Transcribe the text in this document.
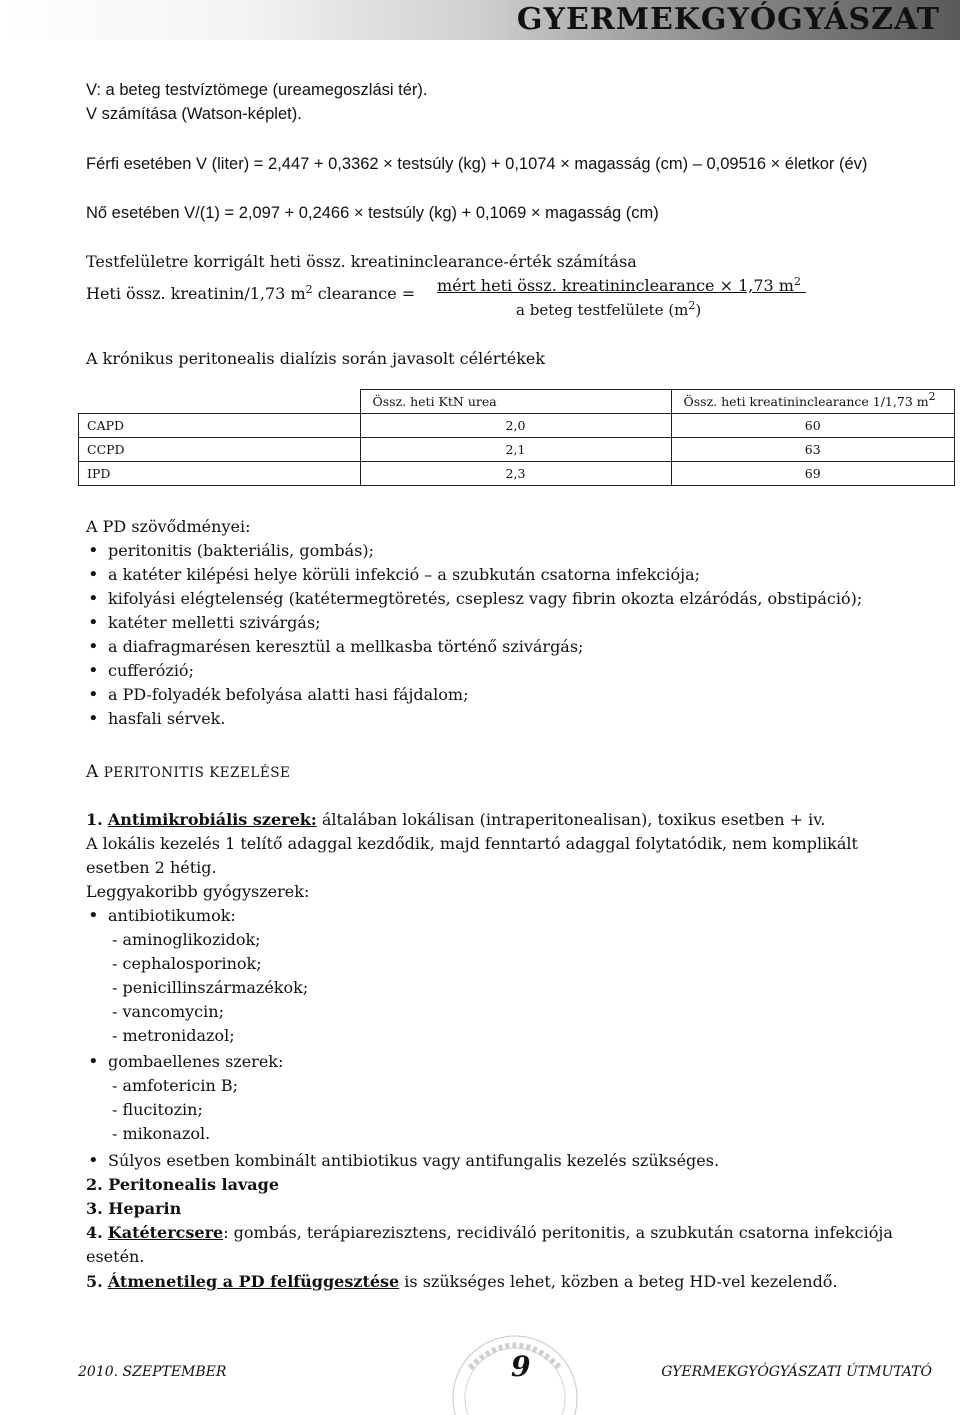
GYERMEKGYÓGYÁSZAT
V: a beteg testvíztömege (ureamegoszlási tér).
V számítása (Watson-képlet).
Férfi esetében V (liter) = 2,447 + 0,3362 × testsúly (kg) + 0,1074 × magasság (cm) – 0,09516 × életkor (év)
Nő esetében V/(1) = 2,097 + 0,2466 × testsúly (kg) + 0,1069 × magasság (cm)
Testfelületre korrigált heti össz. kreatininclearance-érték számítása
Heti össz. kreatinin/1,73 $m^2$ clearance = mért heti össz. kreatininclearance × 1,73 $m^2$
a beteg testfelülete $(m^2)$
A krónikus peritonealis dialízis során javasolt célértékek
	Össz. heti KtN urea	Össz. heti kreatininclearance 1/1,73 $m^2$
CAPD	2,0	60
CCPD	2,1	63
IPD	2,3	69
A PD szövődményei:
• peritonitis (bakteriális, gombás);
• a katéter kilépési helye körüli infekció – a szubkután csatorna infekciója;
• kifolyási elégtelenség (katétermegtöretés, cseplesz vagy fibrin okozta elzáródás, obstipáció);
• katéter melletti szivárgás;
• a diafragmarésen keresztül a mellkasba történő szivárgás;
• cufferózió;
• a PD-folyadék befolyása alatti hasi fájdalom;
• hasfali sérvek.
A PERITONITIS KEZELÉSE
1. Antimikrobiális szerek: általában lokálisan (intraperitonealisan), toxikus esetben + iv.
A lokális kezelés 1 telítő adaggal kezdődik, majd fenntartó adaggal folytatódik, nem komplikált
esetben 2 hétig.
Leggyakoribb gyógyszerek:
• antibiotikumok:
- aminoglikozidok;
- cephalosporinok;
- penicillinszármazékok;
- vancomycin;
- metronidazol;
• gombaellenes szerek:
- amfotericin B;
- flucitozin;
- mikonazol.
• Súlyos esetben kombinált antibiotikus vagy antifungalis kezelés szükséges.
2. Peritonealis lavage
3. Heparin
4. Katétercsere: gombás, terápiarezisztens, recidiváló peritonitis, a szubkután csatorna infekciója
esetén.
5. Átmenetileg a PD felfüggesztése is szükséges lehet, közben a beteg HD-vel kezelendő.
2010. SZEPTEMBER	9	GYERMEKGYÓGYÁSZATI ÚTMUTATÓ
